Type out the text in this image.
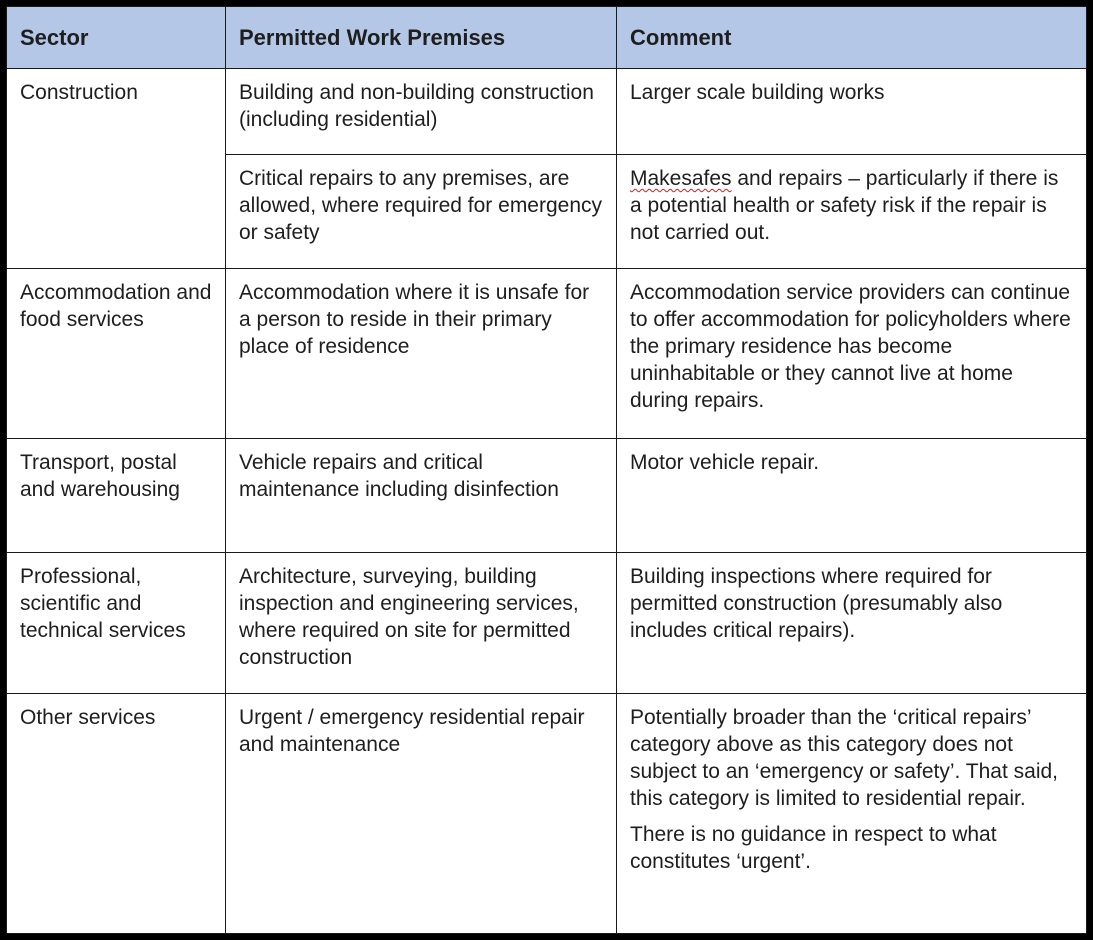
Sector	Permitted Work Premises	Comment
Construction	Building and non-building construction (including residential)	Larger scale building works

	Critical repairs to any premises, are allowed, where required for emergency or safety	Makesafes and repairs – particularly if there is a potential health or safety risk if the repair is not carried out.

Accommodation and food services	Accommodation where it is unsafe for a person to reside in their primary place of residence	Accommodation service providers can continue to offer accommodation for policyholders where the primary residence has become uninhabitable or they cannot live at home during repairs.

Transport, postal and warehousing	Vehicle repairs and critical maintenance including disinfection	Motor vehicle repair.

Professional, scientific and technical services	Architecture, surveying, building inspection and engineering services, where required on site for permitted construction	Building inspections where required for permitted construction (presumably also includes critical repairs).

Other services	Urgent / emergency residential repair and maintenance	Potentially broader than the ‘critical repairs’ category above as this category does not subject to an ‘emergency or safety’. That said, this category is limited to residential repair.

There is no guidance in respect to what constitutes ‘urgent’.
